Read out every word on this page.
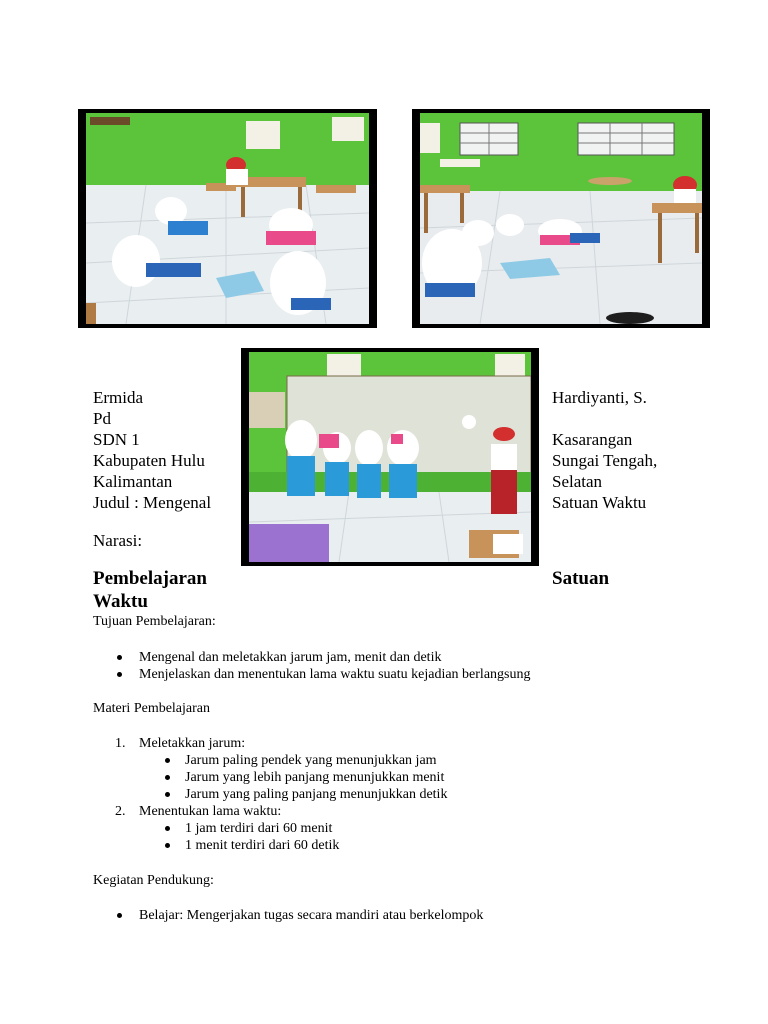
Ermida
Pd
SDN 1
Kabupaten Hulu
Kalimantan
Judul : Mengenal
Hardiyanti, S.
Kasarangan
Sungai Tengah,
Selatan
Satuan Waktu
Narasi:
Pembelajaran	Satuan
Waktu
Tujuan Pembelajaran:
Mengenal dan meletakkan jarum jam, menit dan detik
Menjelaskan dan menentukan lama waktu suatu kejadian berlangsung
Materi Pembelajaran
1. Meletakkan jarum:
Jarum paling pendek yang menunjukkan jam
Jarum yang lebih panjang menunjukkan menit
Jarum yang paling panjang menunjukkan detik
2. Menentukan lama waktu:
1 jam terdiri dari 60 menit
1 menit terdiri dari 60 detik
Kegiatan Pendukung:
Belajar: Mengerjakan tugas secara mandiri atau berkelompok
